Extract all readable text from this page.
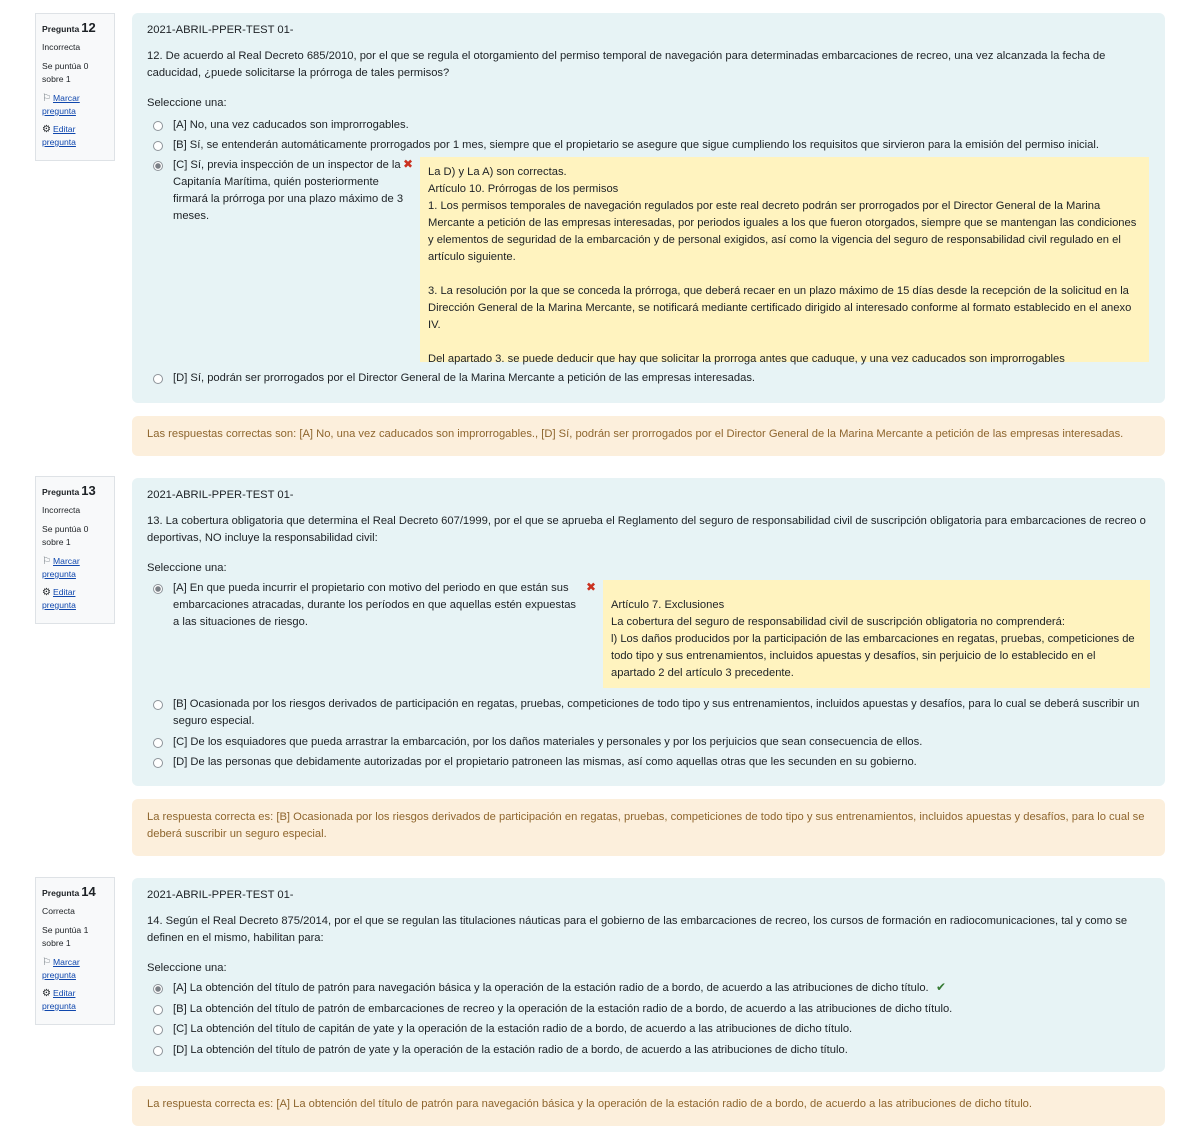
Pregunta 12
Incorrecta
Se puntúa 0 sobre 1
⚐ Marcar pregunta
⚙ Editar pregunta
2021-ABRIL-PPER-TEST 01-
12. De acuerdo al Real Decreto 685/2010, por el que se regula el otorgamiento del permiso temporal de navegación para determinadas embarcaciones de recreo, una vez alcanzada la fecha de caducidad, ¿puede solicitarse la prórroga de tales permisos?
Seleccione una:
[A] No, una vez caducados son improrrogables.
[B] Sí, se entenderán automáticamente prorrogados por 1 mes, siempre que el propietario se asegure que sigue cumpliendo los requisitos que sirvieron para la emisión del permiso inicial.
[C] Sí, previa inspección de un inspector de la Capitanía Marítima, quién posteriormente firmará la prórroga por una plazo máximo de 3 meses.
✖
La D) y La A) son correctas.
Artículo 10. Prórrogas de los permisos
1. Los permisos temporales de navegación regulados por este real decreto podrán ser prorrogados por el Director General de la Marina Mercante a petición de las empresas interesadas, por periodos iguales a los que fueron otorgados, siempre que se mantengan las condiciones y elementos de seguridad de la embarcación y de personal exigidos, así como la vigencia del seguro de responsabilidad civil regulado en el artículo siguiente.

3. La resolución por la que se conceda la prórroga, que deberá recaer en un plazo máximo de 15 días desde la recepción de la solicitud en la Dirección General de la Marina Mercante, se notificará mediante certificado dirigido al interesado conforme al formato establecido en el anexo IV.

Del apartado 3. se puede deducir que hay que solicitar la prorroga antes que caduque, y una vez caducados son improrrogables
[D] Sí, podrán ser prorrogados por el Director General de la Marina Mercante a petición de las empresas interesadas.
Las respuestas correctas son: [A] No, una vez caducados son improrrogables., [D] Sí, podrán ser prorrogados por el Director General de la Marina Mercante a petición de las empresas interesadas.
Pregunta 13
Incorrecta
Se puntúa 0 sobre 1
⚐ Marcar pregunta
⚙ Editar pregunta
2021-ABRIL-PPER-TEST 01-
13. La cobertura obligatoria que determina el Real Decreto 607/1999, por el que se aprueba el Reglamento del seguro de responsabilidad civil de suscripción obligatoria para embarcaciones de recreo o deportivas, NO incluye la responsabilidad civil:
Seleccione una:
[A] En que pueda incurrir el propietario con motivo del periodo en que están sus embarcaciones atracadas, durante los períodos en que aquellas estén expuestas a las situaciones de riesgo.
✖
Artículo 7. Exclusiones
La cobertura del seguro de responsabilidad civil de suscripción obligatoria no comprenderá:
l) Los daños producidos por la participación de las embarcaciones en regatas, pruebas, competiciones de todo tipo y sus entrenamientos, incluidos apuestas y desafíos, sin perjuicio de lo establecido en el apartado 2 del artículo 3 precedente.
[B] Ocasionada por los riesgos derivados de participación en regatas, pruebas, competiciones de todo tipo y sus entrenamientos, incluidos apuestas y desafíos, para lo cual se deberá suscribir un seguro especial.
[C] De los esquiadores que pueda arrastrar la embarcación, por los daños materiales y personales y por los perjuicios que sean consecuencia de ellos.
[D] De las personas que debidamente autorizadas por el propietario patroneen las mismas, así como aquellas otras que les secunden en su gobierno.
La respuesta correcta es: [B] Ocasionada por los riesgos derivados de participación en regatas, pruebas, competiciones de todo tipo y sus entrenamientos, incluidos apuestas y desafíos, para lo cual se deberá suscribir un seguro especial.
Pregunta 14
Correcta
Se puntúa 1 sobre 1
⚐ Marcar pregunta
⚙ Editar pregunta
2021-ABRIL-PPER-TEST 01-
14. Según el Real Decreto 875/2014, por el que se regulan las titulaciones náuticas para el gobierno de las embarcaciones de recreo, los cursos de formación en radiocomunicaciones, tal y como se definen en el mismo, habilitan para:
Seleccione una:
[A] La obtención del título de patrón para navegación básica y la operación de la estación radio de a bordo, de acuerdo a las atribuciones de dicho título. ✔
[B] La obtención del título de patrón de embarcaciones de recreo y la operación de la estación radio de a bordo, de acuerdo a las atribuciones de dicho título.
[C] La obtención del título de capitán de yate y la operación de la estación radio de a bordo, de acuerdo a las atribuciones de dicho título.
[D] La obtención del título de patrón de yate y la operación de la estación radio de a bordo, de acuerdo a las atribuciones de dicho título.
La respuesta correcta es: [A] La obtención del título de patrón para navegación básica y la operación de la estación radio de a bordo, de acuerdo a las atribuciones de dicho título.
